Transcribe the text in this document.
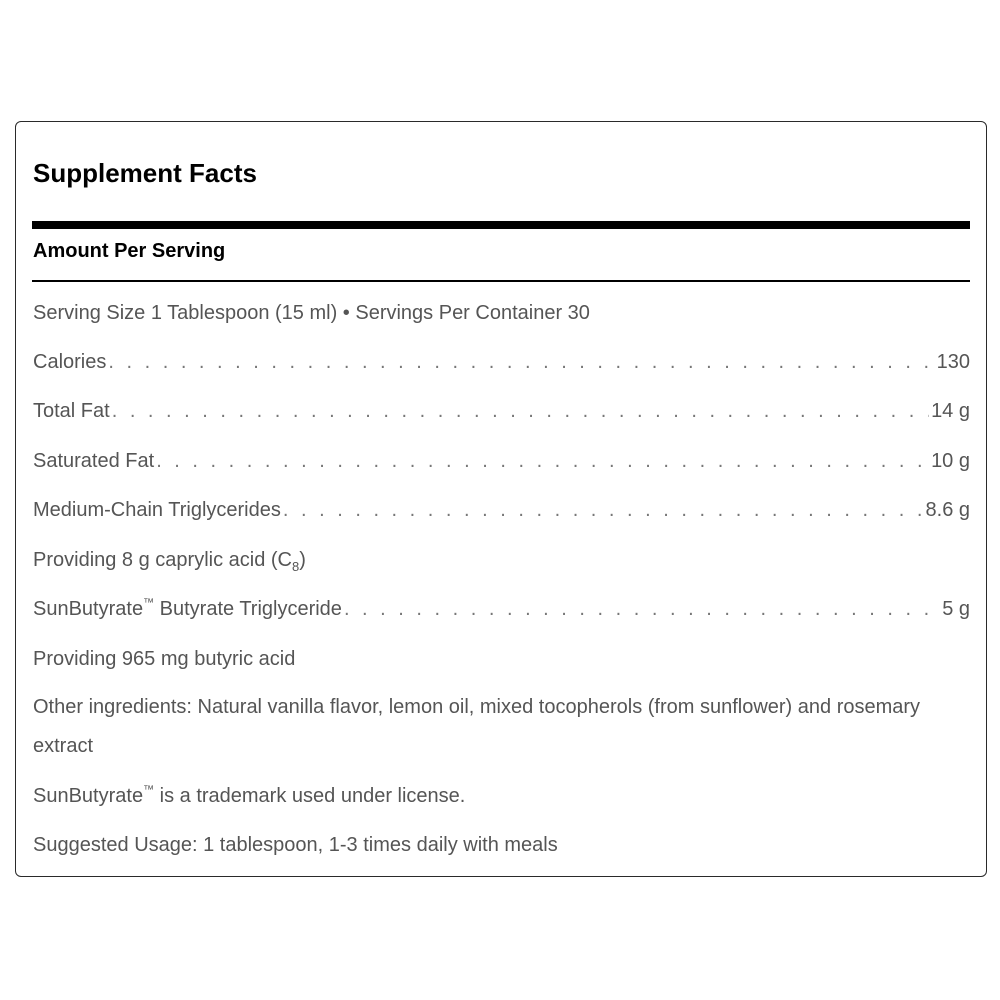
Supplement Facts
Amount Per Serving
Serving Size 1 Tablespoon (15 ml) • Servings Per Container 30
Calories . . .	130
Total Fat . . .	14 g
Saturated Fat . . .	10 g
Medium-Chain Triglycerides . . .	8.6 g
Providing 8 g caprylic acid $(C_8)$
SunButyrate™ Butyrate Triglyceride . . .	5 g
Providing 965 mg butyric acid
Other ingredients: Natural vanilla flavor, lemon oil, mixed tocopherols (from sunflower) and rosemary extract
SunButyrate™ is a trademark used under license.
Suggested Usage: 1 tablespoon, 1-3 times daily with meals
